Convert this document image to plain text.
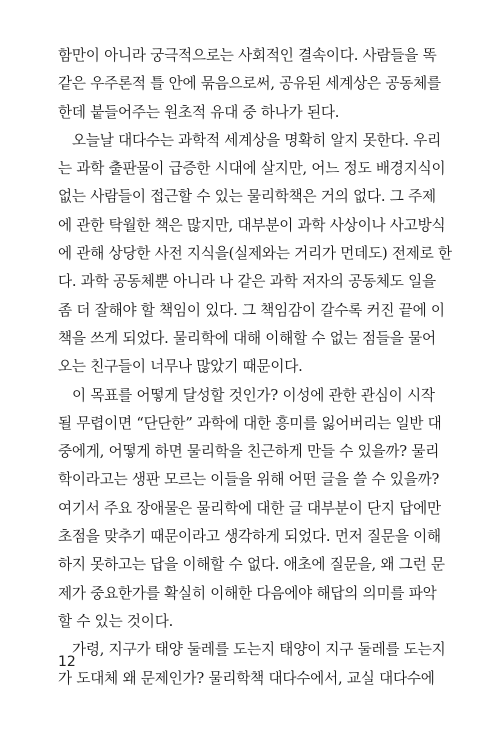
함만이 아니라 궁극적으로는 사회적인 결속이다. 사람들을 똑
같은 우주론적 틀 안에 묶음으로써, 공유된 세계상은 공동체를
한데 붙들어주는 원초적 유대 중 하나가 된다.
오늘날 대다수는 과학적 세계상을 명확히 알지 못한다. 우리
는 과학 출판물이 급증한 시대에 살지만, 어느 정도 배경지식이
없는 사람들이 접근할 수 있는 물리학책은 거의 없다. 그 주제
에 관한 탁월한 책은 많지만, 대부분이 과학 사상이나 사고방식
에 관해 상당한 사전 지식을(실제와는 거리가 먼데도) 전제로 한
다. 과학 공동체뿐 아니라 나 같은 과학 저자의 공동체도 일을
좀 더 잘해야 할 책임이 있다. 그 책임감이 갈수록 커진 끝에 이
책을 쓰게 되었다. 물리학에 대해 이해할 수 없는 점들을 물어
오는 친구들이 너무나 많았기 때문이다.
이 목표를 어떻게 달성할 것인가? 이성에 관한 관심이 시작
될 무렵이면 “단단한” 과학에 대한 흥미를 잃어버리는 일반 대
중에게, 어떻게 하면 물리학을 친근하게 만들 수 있을까? 물리
학이라고는 생판 모르는 이들을 위해 어떤 글을 쓸 수 있을까?
여기서 주요 장애물은 물리학에 대한 글 대부분이 단지 답에만
초점을 맞추기 때문이라고 생각하게 되었다. 먼저 질문을 이해
하지 못하고는 답을 이해할 수 없다. 애초에 질문을, 왜 그런 문
제가 중요한가를 확실히 이해한 다음에야 해답의 의미를 파악
할 수 있는 것이다.
가령, 지구가 태양 둘레를 도는지 태양이 지구 둘레를 도는지
가 도대체 왜 문제인가? 물리학책 대다수에서, 교실 대다수에
12
